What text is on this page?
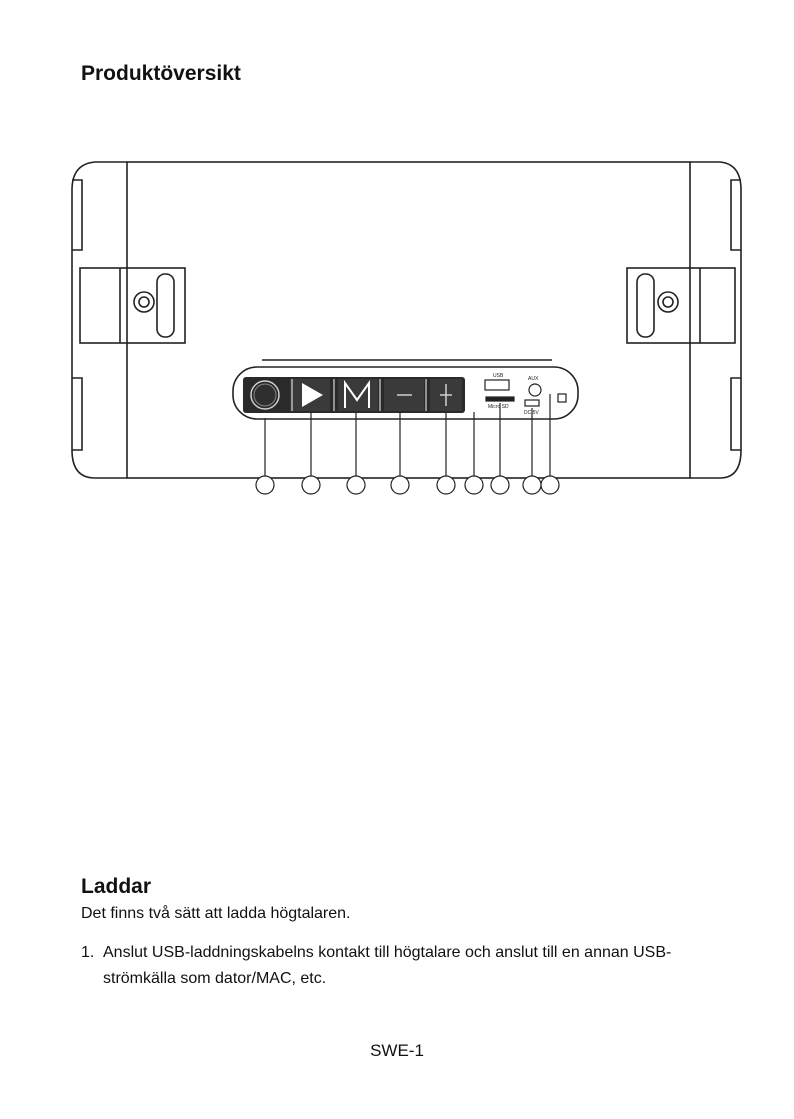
Produktöversikt
USB
Micro SD
AUX
DC 5V
Laddar

Det finns två sätt att ladda högtalaren.

1. Anslut USB-laddningskabelns kontakt till högtalare och anslut till en annan USB-strömkälla som dator/MAC, etc.

SWE-1
